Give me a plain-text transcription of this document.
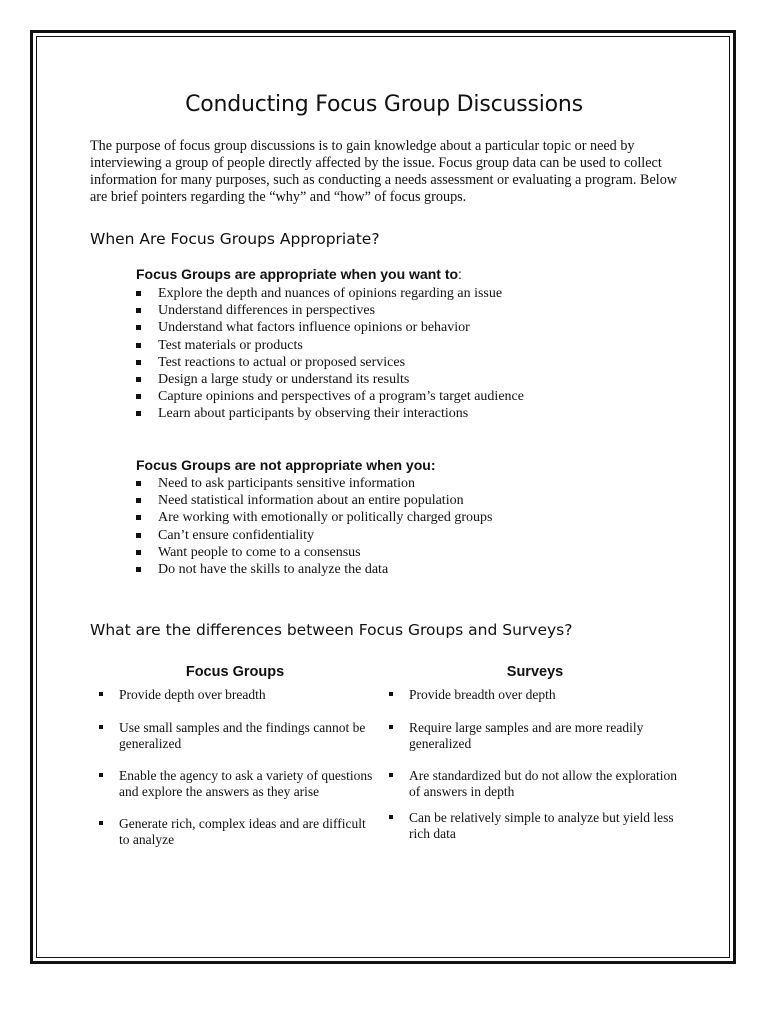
Conducting Focus Group Discussions

The purpose of focus group discussions is to gain knowledge about a particular topic or need by interviewing a group of people directly affected by the issue. Focus group data can be used to collect information for many purposes, such as conducting a needs assessment or evaluating a program. Below are brief pointers regarding the “why” and “how” of focus groups.

When Are Focus Groups Appropriate?

Focus Groups are appropriate when you want to:

Explore the depth and nuances of opinions regarding an issue
Understand differences in perspectives
Understand what factors influence opinions or behavior
Test materials or products
Test reactions to actual or proposed services
Design a large study or understand its results
Capture opinions and perspectives of a program’s target audience
Learn about participants by observing their interactions

Focus Groups are not appropriate when you:

Need to ask participants sensitive information
Need statistical information about an entire population
Are working with emotionally or politically charged groups
Can’t ensure confidentiality
Want people to come to a consensus
Do not have the skills to analyze the data
What are the differences between Focus Groups and Surveys?

Focus Groups	Surveys

Provide depth over breadth
Use small samples and the findings cannot be generalized
Enable the agency to ask a variety of questions and explore the answers as they arise
Generate rich, complex ideas and are difficult to analyze
Provide breadth over depth
Require large samples and are more readily generalized
Are standardized but do not allow the exploration of answers in depth
Can be relatively simple to analyze but yield less rich data
